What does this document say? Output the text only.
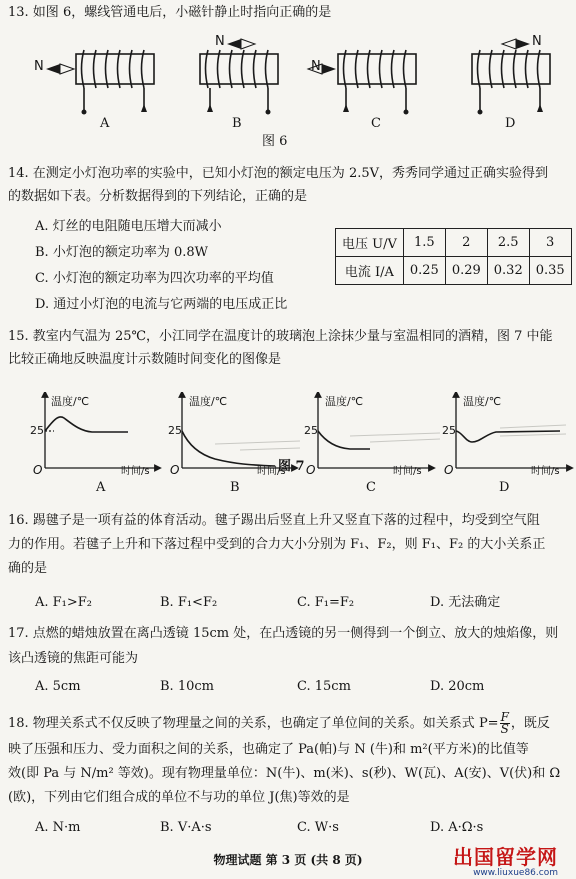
13. 如图 6，螺线管通电后，小磁针静止时指向正确的是
N
N
N
N
A	B	C	D
图 6
14. 在测定小灯泡功率的实验中，已知小灯泡的额定电压为 2.5V，秀秀同学通过正确实验得到
的数据如下表。分析数据得到的下列结论，正确的是
A. 灯丝的电阻随电压增大而减小
B. 小灯泡的额定功率为 0.8W
C. 小灯泡的额定功率为四次功率的平均值
D. 通过小灯泡的电流与它两端的电压成正比
电压 U/V	1.5	2	2.5	3
电流 I/A	0.25	0.29	0.32	0.35
15. 教室内气温为 25℃，小江同学在温度计的玻璃泡上涂抹少量与室温相同的酒精，图 7 中能
比较正确地反映温度计示数随时间变化的图像是
温度/℃	温度/℃	温度/℃	温度/℃
25	25	25	25
O	O	O	O
时间/s	时间/s	时间/s	时间/s
A	B	C	D
图 7
16. 踢毽子是一项有益的体育活动。毽子踢出后竖直上升又竖直下落的过程中，均受到空气阻
力的作用。若毽子上升和下落过程中受到的合力大小分别为 F₁、F₂，则 F₁、F₂ 的大小关系正
确的是
A. F₁>F₂	B. F₁<F₂	C. F₁=F₂	D. 无法确定
17. 点燃的蜡烛放置在离凸透镜 15cm 处，在凸透镜的另一侧得到一个倒立、放大的烛焰像，则
该凸透镜的焦距可能为
A. 5cm	B. 10cm	C. 15cm	D. 20cm
18. 物理关系式不仅反映了物理量之间的关系，也确定了单位间的关系。如关系式 $P= \frac{F}{S}$ ，既反
映了压强和压力、受力面积之间的关系，也确定了 Pa(帕)与 N (牛)和 m²(平方米)的比值等
效(即 Pa 与 N/m² 等效)。现有物理量单位：N(牛)、m(米)、s(秒)、W(瓦)、A(安)、V(伏)和 Ω
(欧)，下列由它们组合成的单位不与功的单位 J(焦)等效的是
A. N·m	B. V·A·s	C. W·s	D. A·Ω·s
物理试题 第 3 页 (共 8 页)	出国留学网
www.liuxue86.com
